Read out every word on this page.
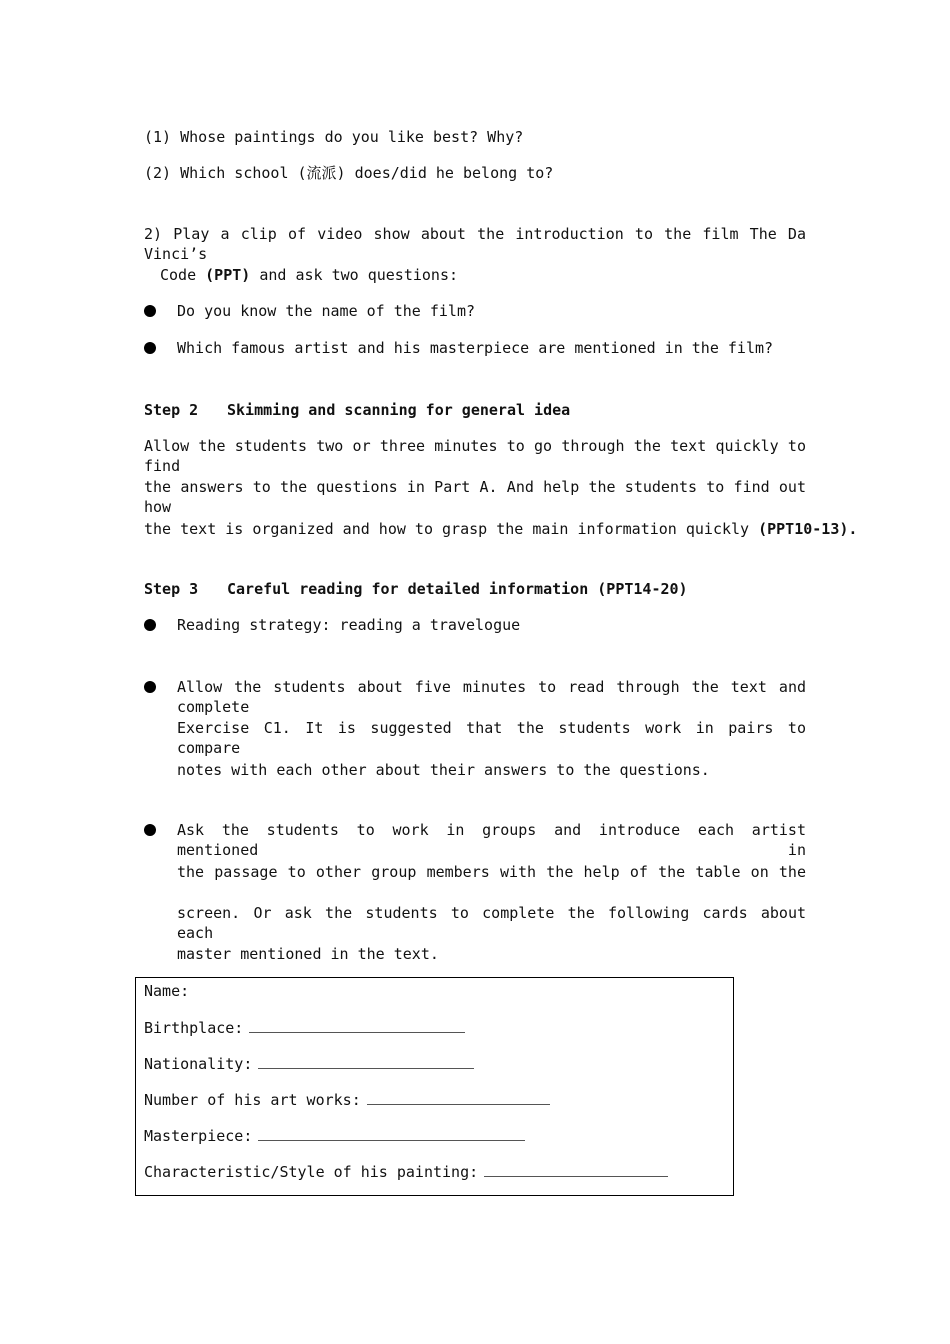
(1) Whose paintings do you like best? Why?
(2) Which school (流派) does/did he belong to?
2) Play a clip of video show about the introduction to the film The Da Vinci’s
Code (PPT) and ask two questions:
Do you know the name of the film?
Which famous artist and his masterpiece are mentioned in the film?
Step 2 Skimming and scanning for general idea
Allow the students two or three minutes to go through the text quickly to find
the answers to the questions in Part A. And help the students to find out how
the text is organized and how to grasp the main information quickly (PPT10-13).
Step 3 Careful reading for detailed information (PPT14-20)
Reading strategy: reading a travelogue
Allow the students about five minutes to read through the text and complete
Exercise C1. It is suggested that the students work in pairs to compare
notes with each other about their answers to the questions.
Ask the students to work in groups and introduce each artist mentioned in
the passage to other group members with the help of the table on the
screen. Or ask the students to complete the following cards about each
master mentioned in the text.
Name:
Birthplace:
Nationality:
Number of his art works:
Masterpiece:
Characteristic/Style of his painting:
